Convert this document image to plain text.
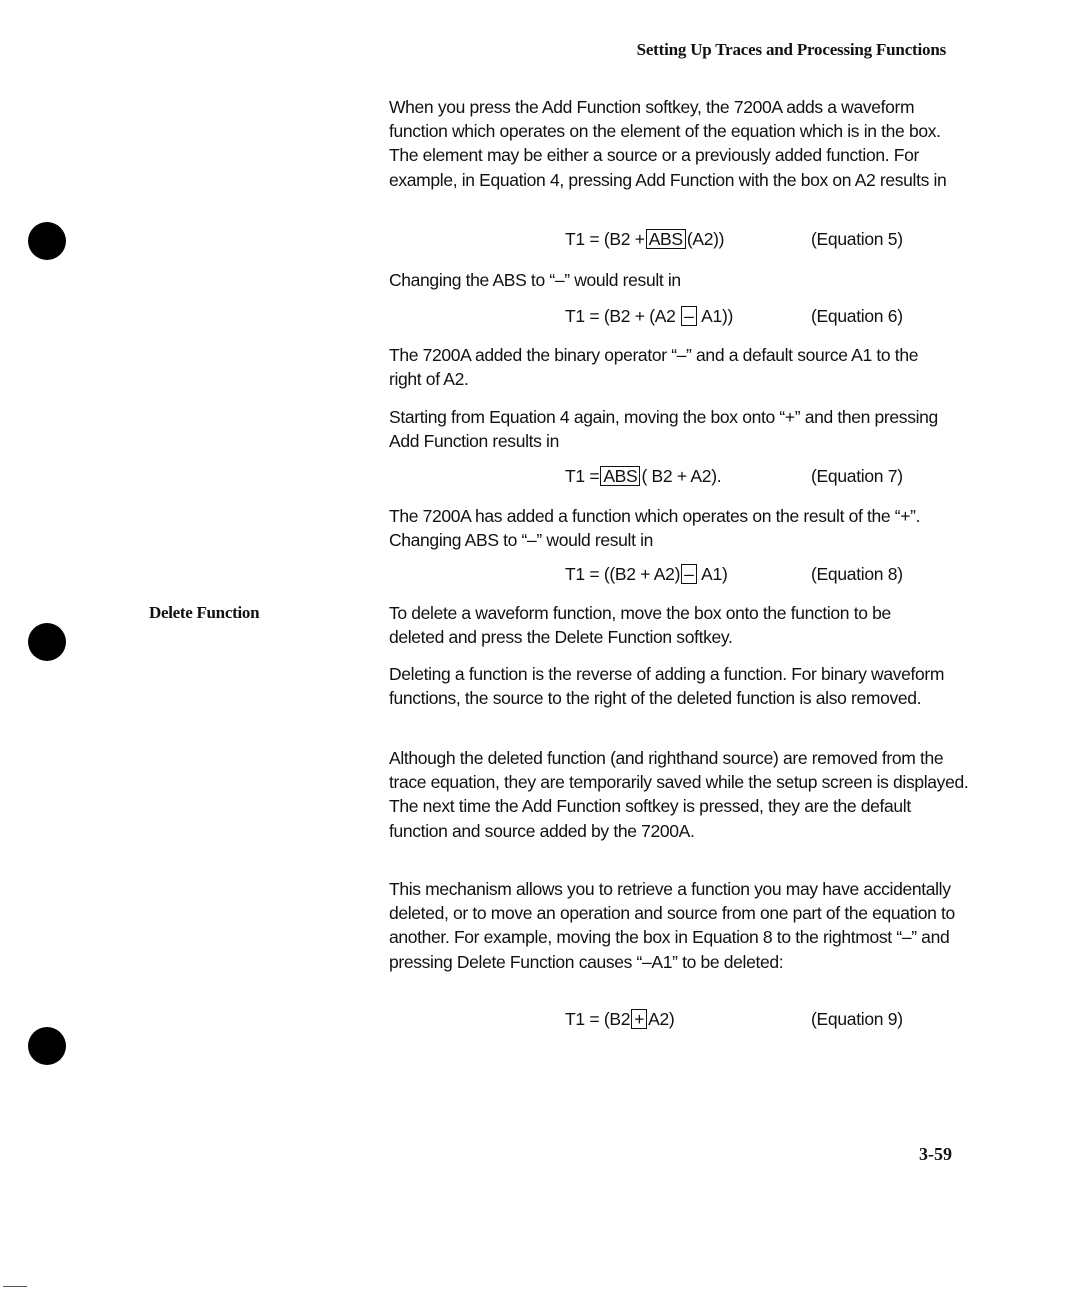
Setting Up Traces and Processing Functions
Delete Function

When you press the Add Function softkey, the 7200A adds a waveform function which operates on the element of the equation which is in the box. The element may be either a source or a previously added function. For example, in Equation 4, pressing Add Function with the box on A2 results in

T1 = (B2 + ABS (A2))	(Equation 5)

Changing the ABS to “–” would result in

T1 = (B2 + (A2 – A1))	(Equation 6)

The 7200A added the binary operator “–” and a default source A1 to the right of A2.

Starting from Equation 4 again, moving the box onto “+” and then pressing Add Function results in

T1 = ABS ( B2 + A2).	(Equation 7)

The 7200A has added a function which operates on the result of the “+”. Changing ABS to “–” would result in

T1 = ((B2 + A2) – A1)	(Equation 8)

To delete a waveform function, move the box onto the function to be deleted and press the Delete Function softkey.

Deleting a function is the reverse of adding a function. For binary waveform functions, the source to the right of the deleted function is also removed.

Although the deleted function (and righthand source) are removed from the trace equation, they are temporarily saved while the setup screen is displayed. The next time the Add Function softkey is pressed, they are the default function and source added by the 7200A.

This mechanism allows you to retrieve a function you may have accidentally deleted, or to move an operation and source from one part of the equation to another. For example, moving the box in Equation 8 to the rightmost “–” and pressing Delete Function causes “–A1” to be deleted:

T1 = (B2 + A2)	(Equation 9)
3-59
